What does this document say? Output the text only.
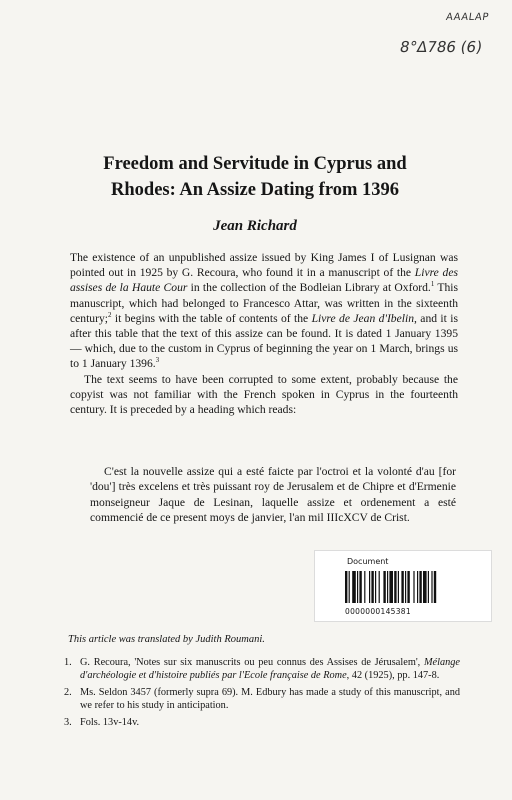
AAALAP
8°Δ786 (6)
Freedom and Servitude in Cyprus and
Rhodes: An Assize Dating from 1396
Jean Richard

The existence of an unpublished assize issued by King James I of Lusignan was pointed out in 1925 by G. Recoura, who found it in a manuscript of the Livre des assises de la Haute Cour in the collection of the Bodleian Library at Oxford.$^1$ This manuscript, which had belonged to Francesco Attar, was written in the sixteenth century;$^2$ it begins with the table of contents of the Livre de Jean d'Ibelin, and it is after this table that the text of this assize can be found. It is dated 1 January 1395 — which, due to the custom in Cyprus of beginning the year on 1 March, brings us to 1 January 1396.$^3$

The text seems to have been corrupted to some extent, probably because the copyist was not familiar with the French spoken in Cyprus in the fourteenth century. It is preceded by a heading which reads:

C'est la nouvelle assize qui a esté faicte par l'octroi et la volonté d'au [for 'dou'] très excelens et très puissant roy de Jerusalem et de Chipre et d'Ermenie monseigneur Jaque de Lesinan, laquelle assize et ordenement a esté commencié de ce present moys de janvier, l'an mil IIIcXCV de Crist.

Document
0000000145381

This article was translated by Judith Roumani.

1. G. Recoura, 'Notes sur six manuscrits ou peu connus des Assises de Jérusalem', Mélange d'archéologie et d'histoire publiés par l'Ecole française de Rome, 42 (1925), pp. 147-8.
2. Ms. Seldon 3457 (formerly supra 69). M. Edbury has made a study of this manuscript, and we refer to his study in anticipation.
3. Fols. 13v-14v.
